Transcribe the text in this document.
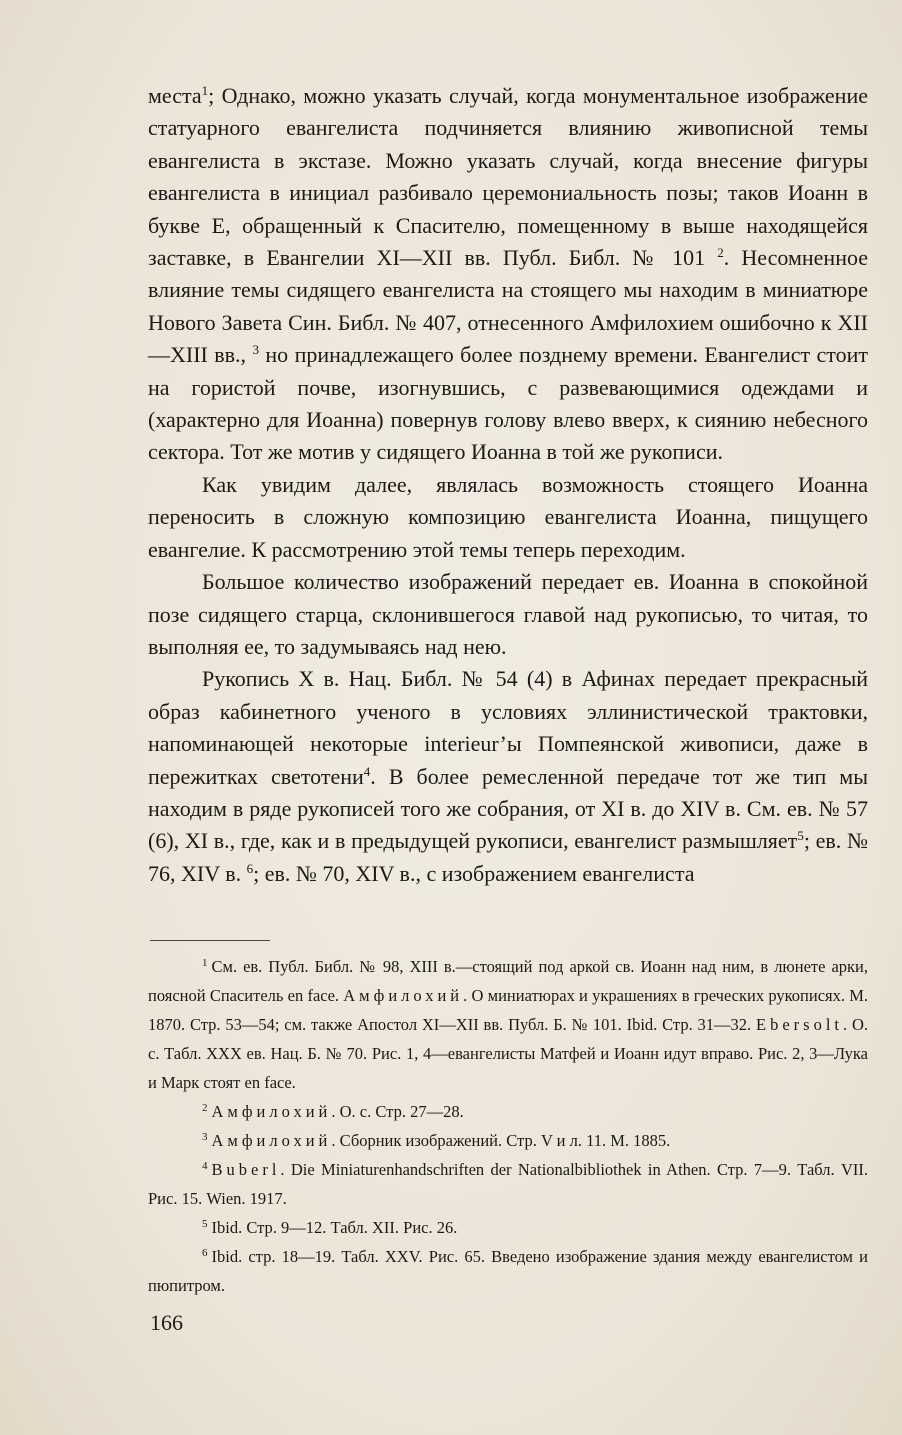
места$^1$; Однако, можно указать случай, когда монументальное изображение статуарного евангелиста подчиняется влиянию живописной темы евангелиста в экстазе. Можно указать случай, когда внесение фигуры евангелиста в инициал разбивало церемониальность позы; таков Иоанн в букве Е, обращенный к Спасителю, помещенному в выше находящейся заставке, в Евангелии XI—XII вв. Публ. Библ. № 101 $^2$. Несомненное влияние темы сидящего евангелиста на стоящего мы находим в миниатюре Нового Завета Син. Библ. № 407, отнесенного Амфилохием ошибочно к XII—XIII вв., $^3$ но принадлежащего более позднему времени. Евангелист стоит на гористой почве, изогнувшись, с развевающимися одеждами и (характерно для Иоанна) повернув голову влево вверх, к сиянию небесного сектора. Тот же мотив у сидящего Иоанна в той же рукописи.

Как увидим далее, являлась возможность стоящего Иоанна переносить в сложную композицию евангелиста Иоанна, пищущего евангелие. К рассмотрению этой темы теперь переходим.

Большое количество изображений передает ев. Иоанна в спокойной позе сидящего старца, склонившегося главой над рукописью, то читая, то выполняя ее, то задумываясь над нею.

Рукопись X в. Нац. Библ. № 54 (4) в Афинах передает прекрасный образ кабинетного ученого в условиях эллинистической трактовки, напоминающей некоторые interieur’ы Помпеянской живописи, даже в пережитках светотени$^4$. В более ремесленной передаче тот же тип мы находим в ряде рукописей того же собрания, от XI в. до XIV в. См. ев. № 57 (6), XI в., где, как и в предыдущей рукописи, евангелист размышляет$^5$; ев. № 76, XIV в. $^6$; ев. № 70, XIV в., с изображением евангелиста

$^1$ См. ев. Публ. Библ. № 98, XIII в.—стоящий под аркой св. Иоанн над ним, в люнете арки, поясной Спаситель en face. Амфилохий. О миниатюрах и украшениях в греческих рукописях. М. 1870. Стр. 53—54; см. также Апостол XI—XII вв. Публ. Б. № 101. Ibid. Стр. 31—32. Ebersolt. О. с. Табл. XXX ев. Нац. Б. № 70. Рис. 1, 4—евангелисты Матфей и Иоанн идут вправо. Рис. 2, 3—Лука и Марк стоят en face.

$^2$ Амфилохий. О. с. Стр. 27—28.

$^3$ Амфилохий. Сборник изображений. Стр. V и л. 11. М. 1885.

$^4$ Buberl. Die Miniaturenhandschriften der Nationalbibliothek in Athen. Стр. 7—9. Табл. VII. Рис. 15. Wien. 1917.

$^5$ Ibid. Стр. 9—12. Табл. XII. Рис. 26.

$^6$ Ibid. стр. 18—19. Табл. XXV. Рис. 65. Введено изображение здания между евангелистом и пюпитром.

166
